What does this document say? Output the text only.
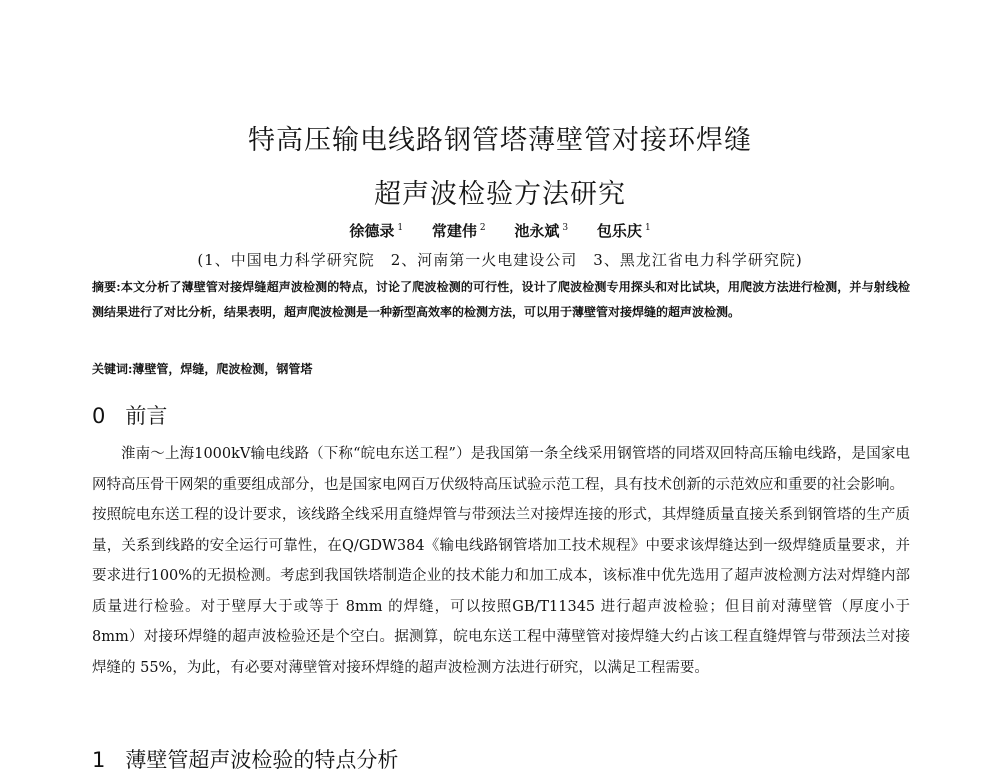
特高压输电线路钢管塔薄壁管对接环焊缝
超声波检验方法研究
徐德录 $^1$ 常建伟 $^2$ 池永斌 $^3$ 包乐庆 $^1$
(1、中国电力科学研究院　2、河南第一火电建设公司　3、黑龙江省电力科学研究院)
摘要:本文分析了薄壁管对接焊缝超声波检测的特点，讨论了爬波检测的可行性，设计了爬波检测专用探头和对比试块，用爬波方法进行检测，并与射线检测结果进行了对比分析，结果表明，超声爬波检测是一种新型高效率的检测方法，可以用于薄壁管对接焊缝的超声波检测。
关键词:薄壁管，焊缝，爬波检测，钢管塔
0 前言

淮南～上海1000kV输电线路（下称“皖电东送工程”）是我国第一条全线采用钢管塔的同塔双回特高压输电线路，是国家电网特高压骨干网架的重要组成部分，也是国家电网百万伏级特高压试验示范工程，具有技术创新的示范效应和重要的社会影响。

按照皖电东送工程的设计要求，该线路全线采用直缝焊管与带颈法兰对接焊连接的形式，其焊缝质量直接关系到钢管塔的生产质量，关系到线路的安全运行可靠性，在Q/GDW384《输电线路钢管塔加工技术规程》中要求该焊缝达到一级焊缝质量要求，并要求进行100%的无损检测。考虑到我国铁塔制造企业的技术能力和加工成本，该标准中优先选用了超声波检测方法对焊缝内部质量进行检验。对于壁厚大于或等于 8mm 的焊缝，可以按照GB/T11345 进行超声波检验；但目前对薄壁管（厚度小于 8mm）对接环焊缝的超声波检验还是个空白。据测算，皖电东送工程中薄壁管对接焊缝大约占该工程直缝焊管与带颈法兰对接焊缝的 55%，为此，有必要对薄壁管对接环焊缝的超声波检测方法进行研究，以满足工程需要。

1 薄壁管超声波检验的特点分析
